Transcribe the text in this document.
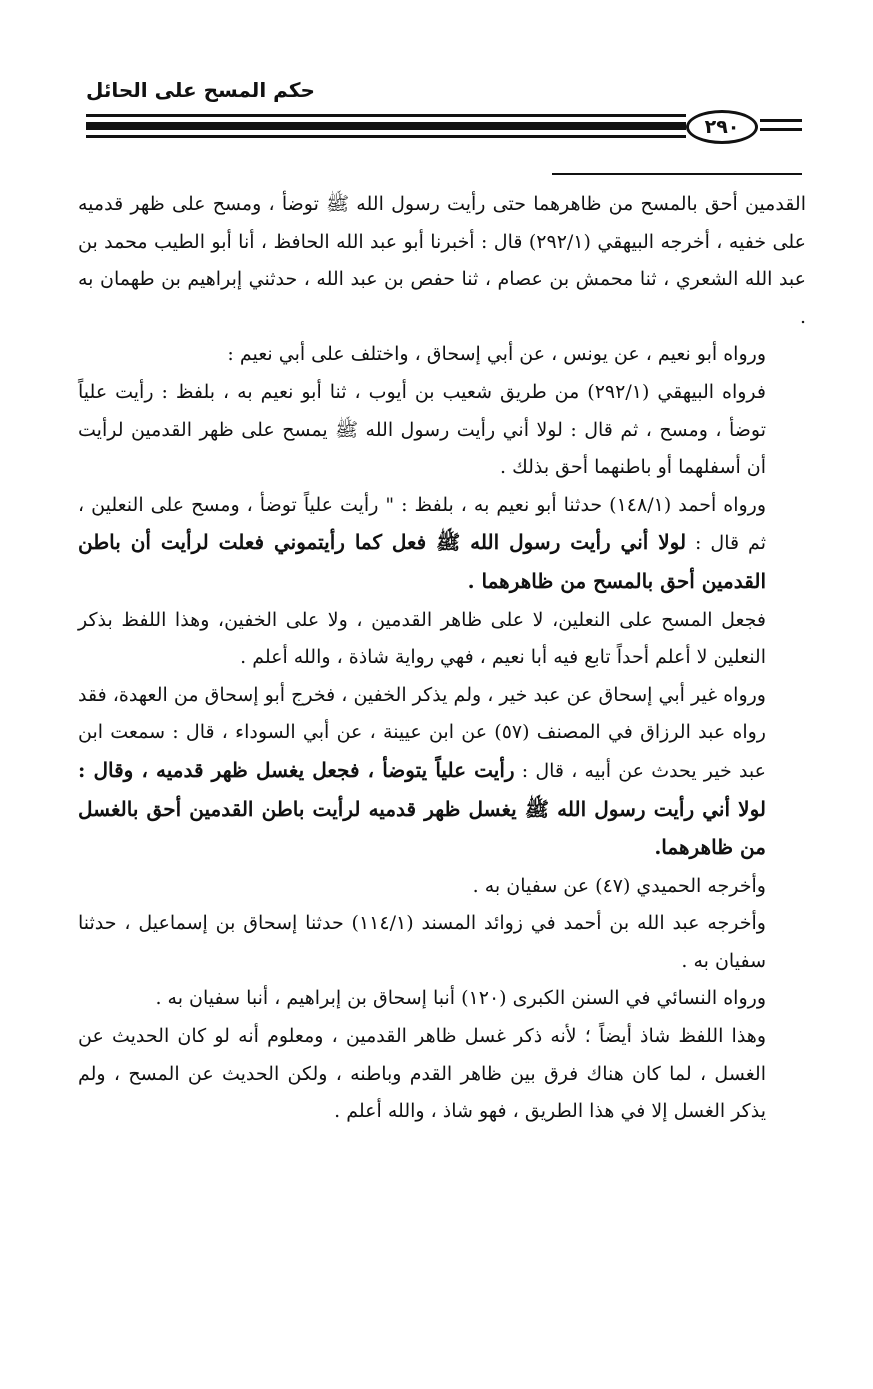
حكم المسح على الحائل
٢٩٠

القدمين أحق بالمسح من ظاهرهما حتى رأيت رسول الله ﷺ توضأ ، ومسح على ظهر قدميه على خفيه ، أخرجه البيهقي (٢٩٢/١) قال : أخبرنا أبو عبد الله الحافظ ، أنا أبو الطيب محمد بن عبد الله الشعري ، ثنا محمش بن عصام ، ثنا حفص بن عبد الله ، حدثني إبراهيم بن طهمان به .

ورواه أبو نعيم ، عن يونس ، عن أبي إسحاق ، واختلف على أبي نعيم :

فرواه البيهقي (٢٩٢/١) من طريق شعيب بن أيوب ، ثنا أبو نعيم به ، بلفظ : رأيت علياً توضأ ، ومسح ، ثم قال : لولا أني رأيت رسول الله ﷺ يمسح على ظهر القدمين لرأيت أن أسفلهما أو باطنهما أحق بذلك .

ورواه أحمد (١٤٨/١) حدثنا أبو نعيم به ، بلفظ : " رأيت علياً توضأ ، ومسح على النعلين ، ثم قال : لولا أني رأيت رسول الله ﷺ فعل كما رأيتموني فعلت لرأيت أن باطن القدمين أحق بالمسح من ظاهرهما .

فجعل المسح على النعلين، لا على ظاهر القدمين ، ولا على الخفين، وهذا اللفظ بذكر النعلين لا أعلم أحداً تابع فيه أبا نعيم ، فهي رواية شاذة ، والله أعلم .

ورواه غير أبي إسحاق عن عبد خير ، ولم يذكر الخفين ، فخرج أبو إسحاق من العهدة، فقد رواه عبد الرزاق في المصنف (٥٧) عن ابن عيينة ، عن أبي السوداء ، قال : سمعت ابن عبد خير يحدث عن أبيه ، قال : رأيت علياً يتوضأ ، فجعل يغسل ظهر قدميه ، وقال : لولا أني رأيت رسول الله ﷺ يغسل ظهر قدميه لرأيت باطن القدمين أحق بالغسل من ظاهرهما.

وأخرجه الحميدي (٤٧) عن سفيان به .

وأخرجه عبد الله بن أحمد في زوائد المسند (١١٤/١) حدثنا إسحاق بن إسماعيل ، حدثنا سفيان به .

ورواه النسائي في السنن الكبرى (١٢٠) أنبا إسحاق بن إبراهيم ، أنبا سفيان به .

وهذا اللفظ شاذ أيضاً ؛ لأنه ذكر غسل ظاهر القدمين ، ومعلوم أنه لو كان الحديث عن الغسل ، لما كان هناك فرق بين ظاهر القدم وباطنه ، ولكن الحديث عن المسح ، ولم يذكر الغسل إلا في هذا الطريق ، فهو شاذ ، والله أعلم .
